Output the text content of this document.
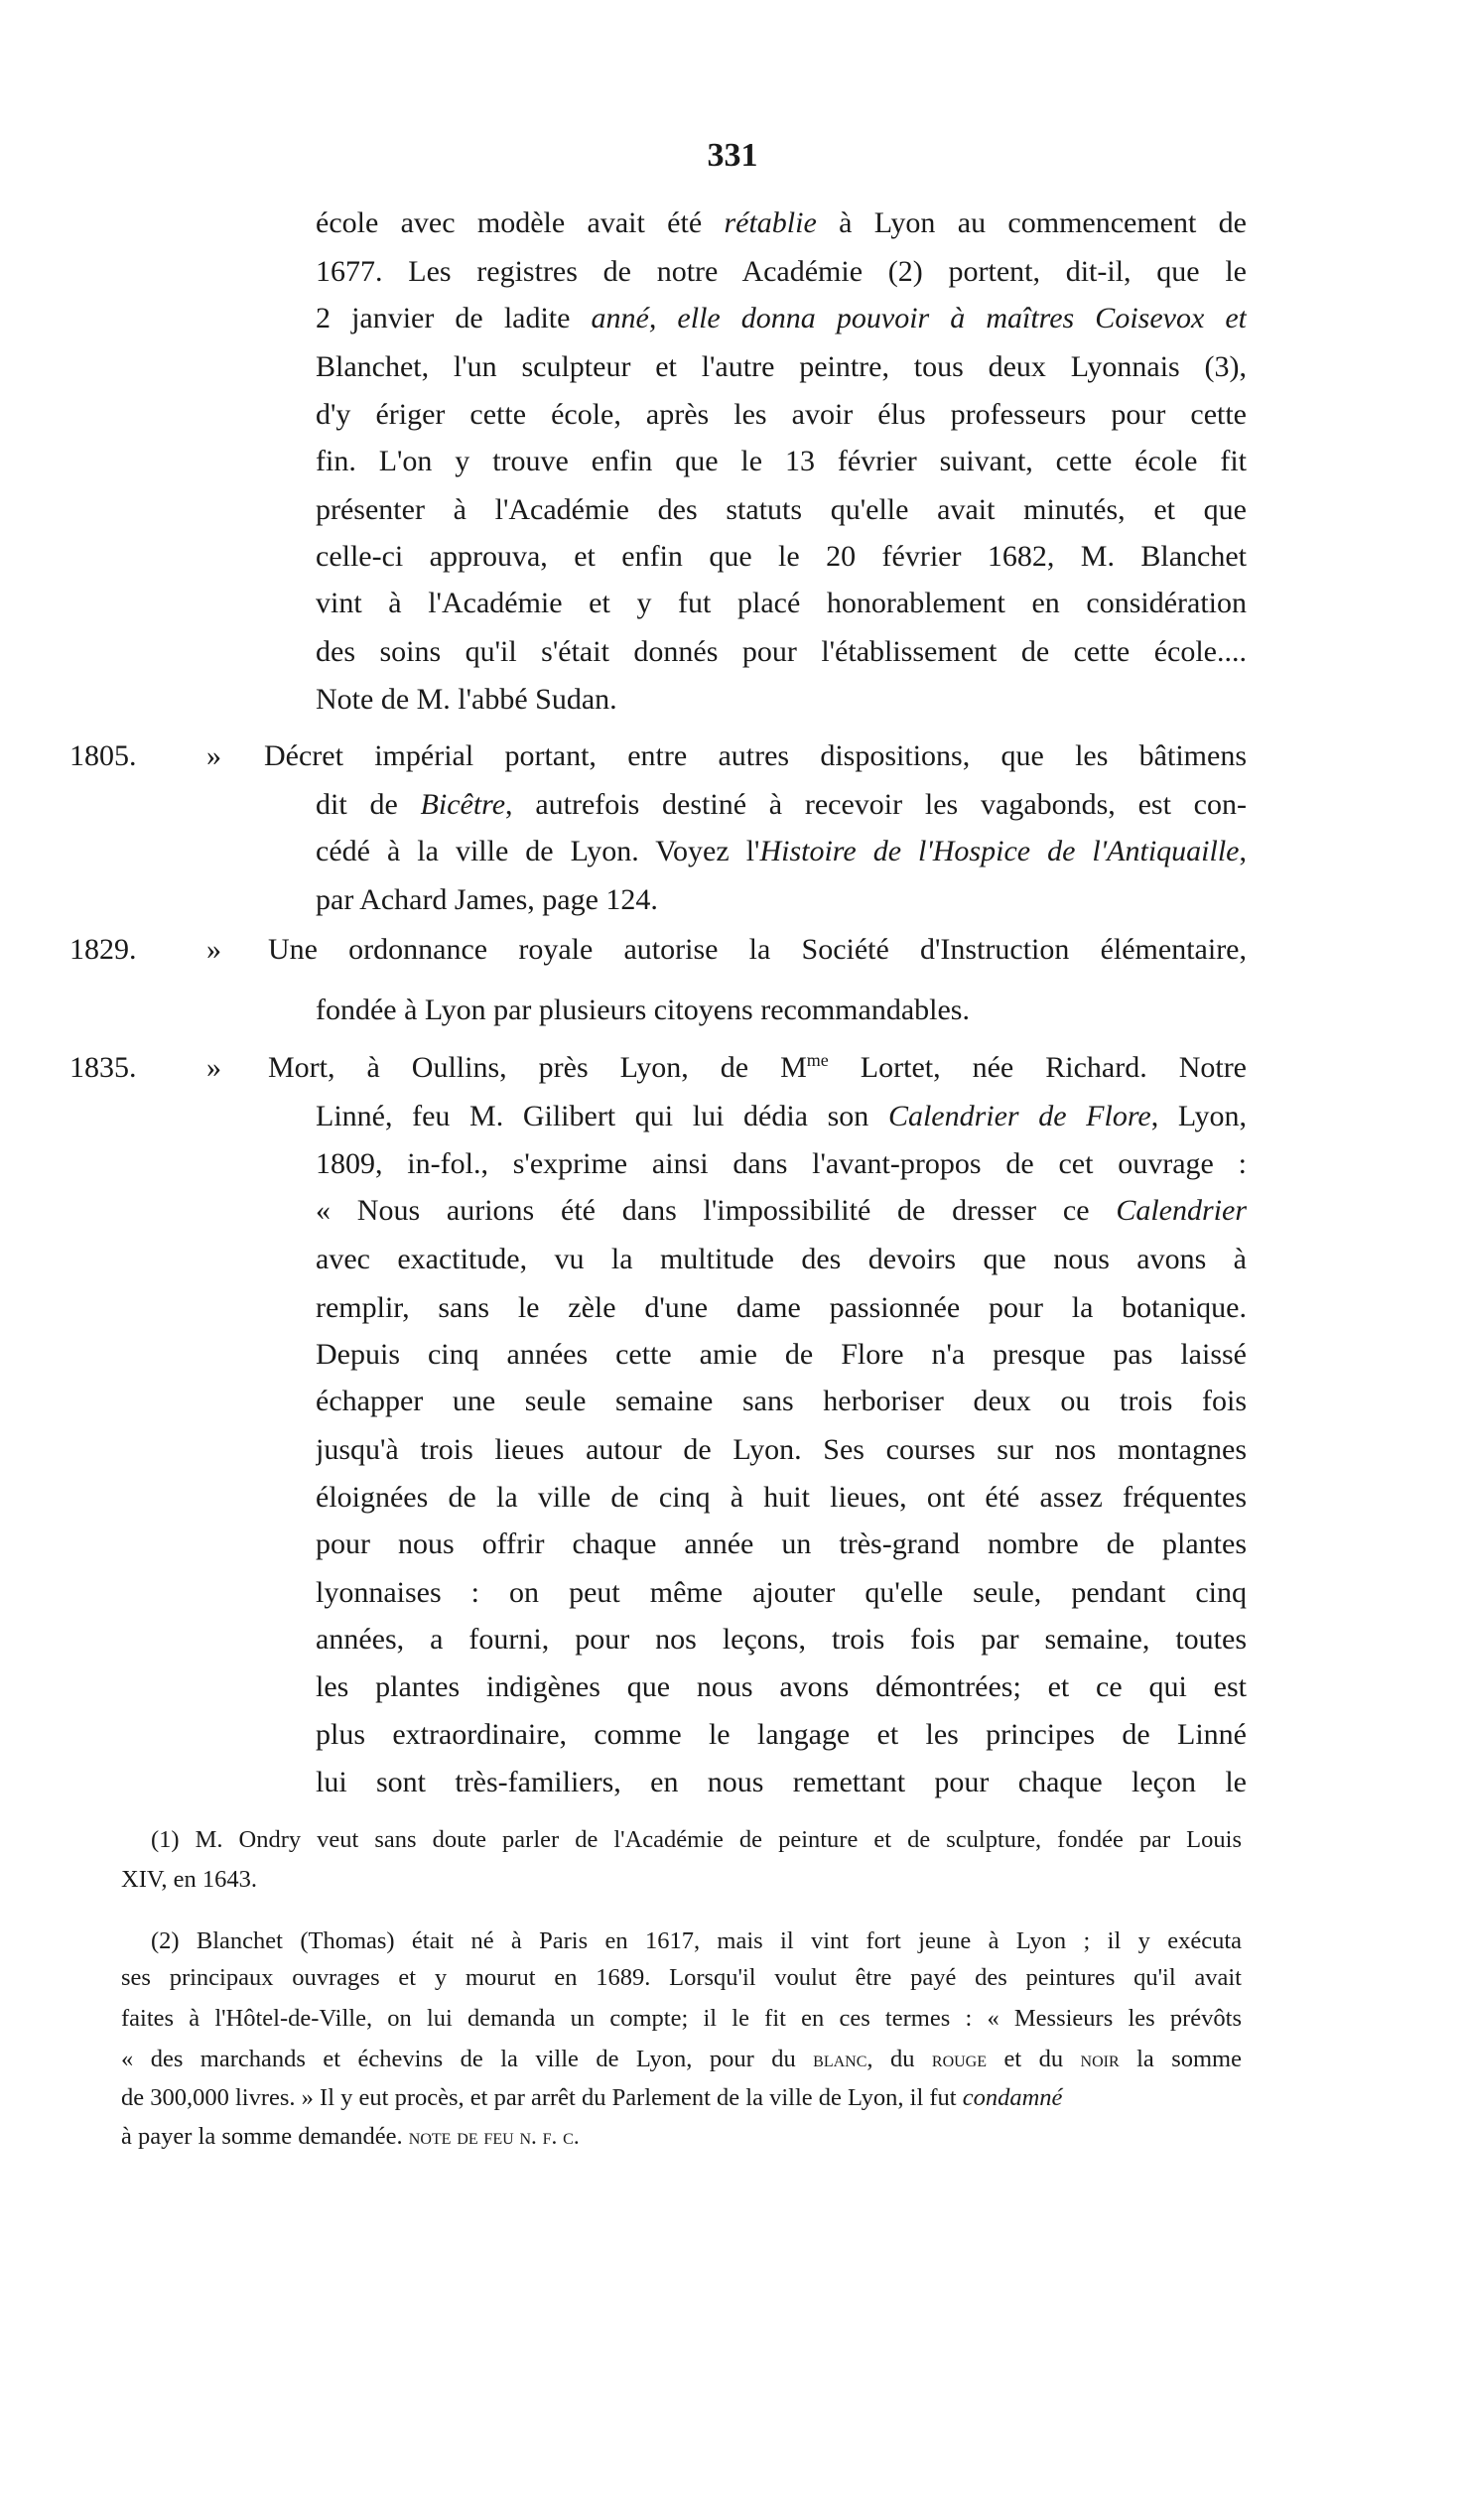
331
école avec modèle avait été rétablie à Lyon au commencement de
1677. Les registres de notre Académie (2) portent, dit-il, que le
2 janvier de ladite anné, elle donna pouvoir à maîtres Coisevox et
Blanchet, l'un sculpteur et l'autre peintre, tous deux Lyonnais (3),
d'y ériger cette école, après les avoir élus professeurs pour cette
fin. L'on y trouve enfin que le 13 février suivant, cette école fit
présenter à l'Académie des statuts qu'elle avait minutés, et que
celle-ci approuva, et enfin que le 20 février 1682, M. Blanchet
vint à l'Académie et y fut placé honorablement en considération
des soins qu'il s'était donnés pour l'établissement de cette école....
Note de M. l'abbé Sudan.
1805. » Décret impérial portant, entre autres dispositions, que les bâtimens
dit de Bicêtre, autrefois destiné à recevoir les vagabonds, est con-
cédé à la ville de Lyon. Voyez l'Histoire de l'Hospice de l'Antiquaille,
par Achard James, page 124.
1829. » Une ordonnance royale autorise la Société d'Instruction élémentaire,
fondée à Lyon par plusieurs citoyens recommandables.
1835. » Mort, à Oullins, près Lyon, de $M^{me}$ Lortet, née Richard. Notre
Linné, feu M. Gilibert qui lui dédia son Calendrier de Flore, Lyon,
1809, in-fol., s'exprime ainsi dans l'avant-propos de cet ouvrage :
« Nous aurions été dans l'impossibilité de dresser ce Calendrier
avec exactitude, vu la multitude des devoirs que nous avons à
remplir, sans le zèle d'une dame passionnée pour la botanique.
Depuis cinq années cette amie de Flore n'a presque pas laissé
échapper une seule semaine sans herboriser deux ou trois fois
jusqu'à trois lieues autour de Lyon. Ses courses sur nos montagnes
éloignées de la ville de cinq à huit lieues, ont été assez fréquentes
pour nous offrir chaque année un très-grand nombre de plantes
lyonnaises : on peut même ajouter qu'elle seule, pendant cinq
années, a fourni, pour nos leçons, trois fois par semaine, toutes
les plantes indigènes que nous avons démontrées; et ce qui est
plus extraordinaire, comme le langage et les principes de Linné
lui sont très-familiers, en nous remettant pour chaque leçon le
(1) M. Ondry veut sans doute parler de l'Académie de peinture et de sculpture, fondée par Louis
XIV, en 1643.
(2) Blanchet (Thomas) était né à Paris en 1617, mais il vint fort jeune à Lyon ; il y exécuta
ses principaux ouvrages et y mourut en 1689. Lorsqu'il voulut être payé des peintures qu'il avait
faites à l'Hôtel-de-Ville, on lui demanda un compte; il le fit en ces termes : « Messieurs les prévôts
« des marchands et échevins de la ville de Lyon, pour du blanc, du rouge et du noir la somme
de 300,000 livres. » Il y eut procès, et par arrêt du Parlement de la ville de Lyon, il fut condamné
à payer la somme demandée. note de feu n. f. c.
